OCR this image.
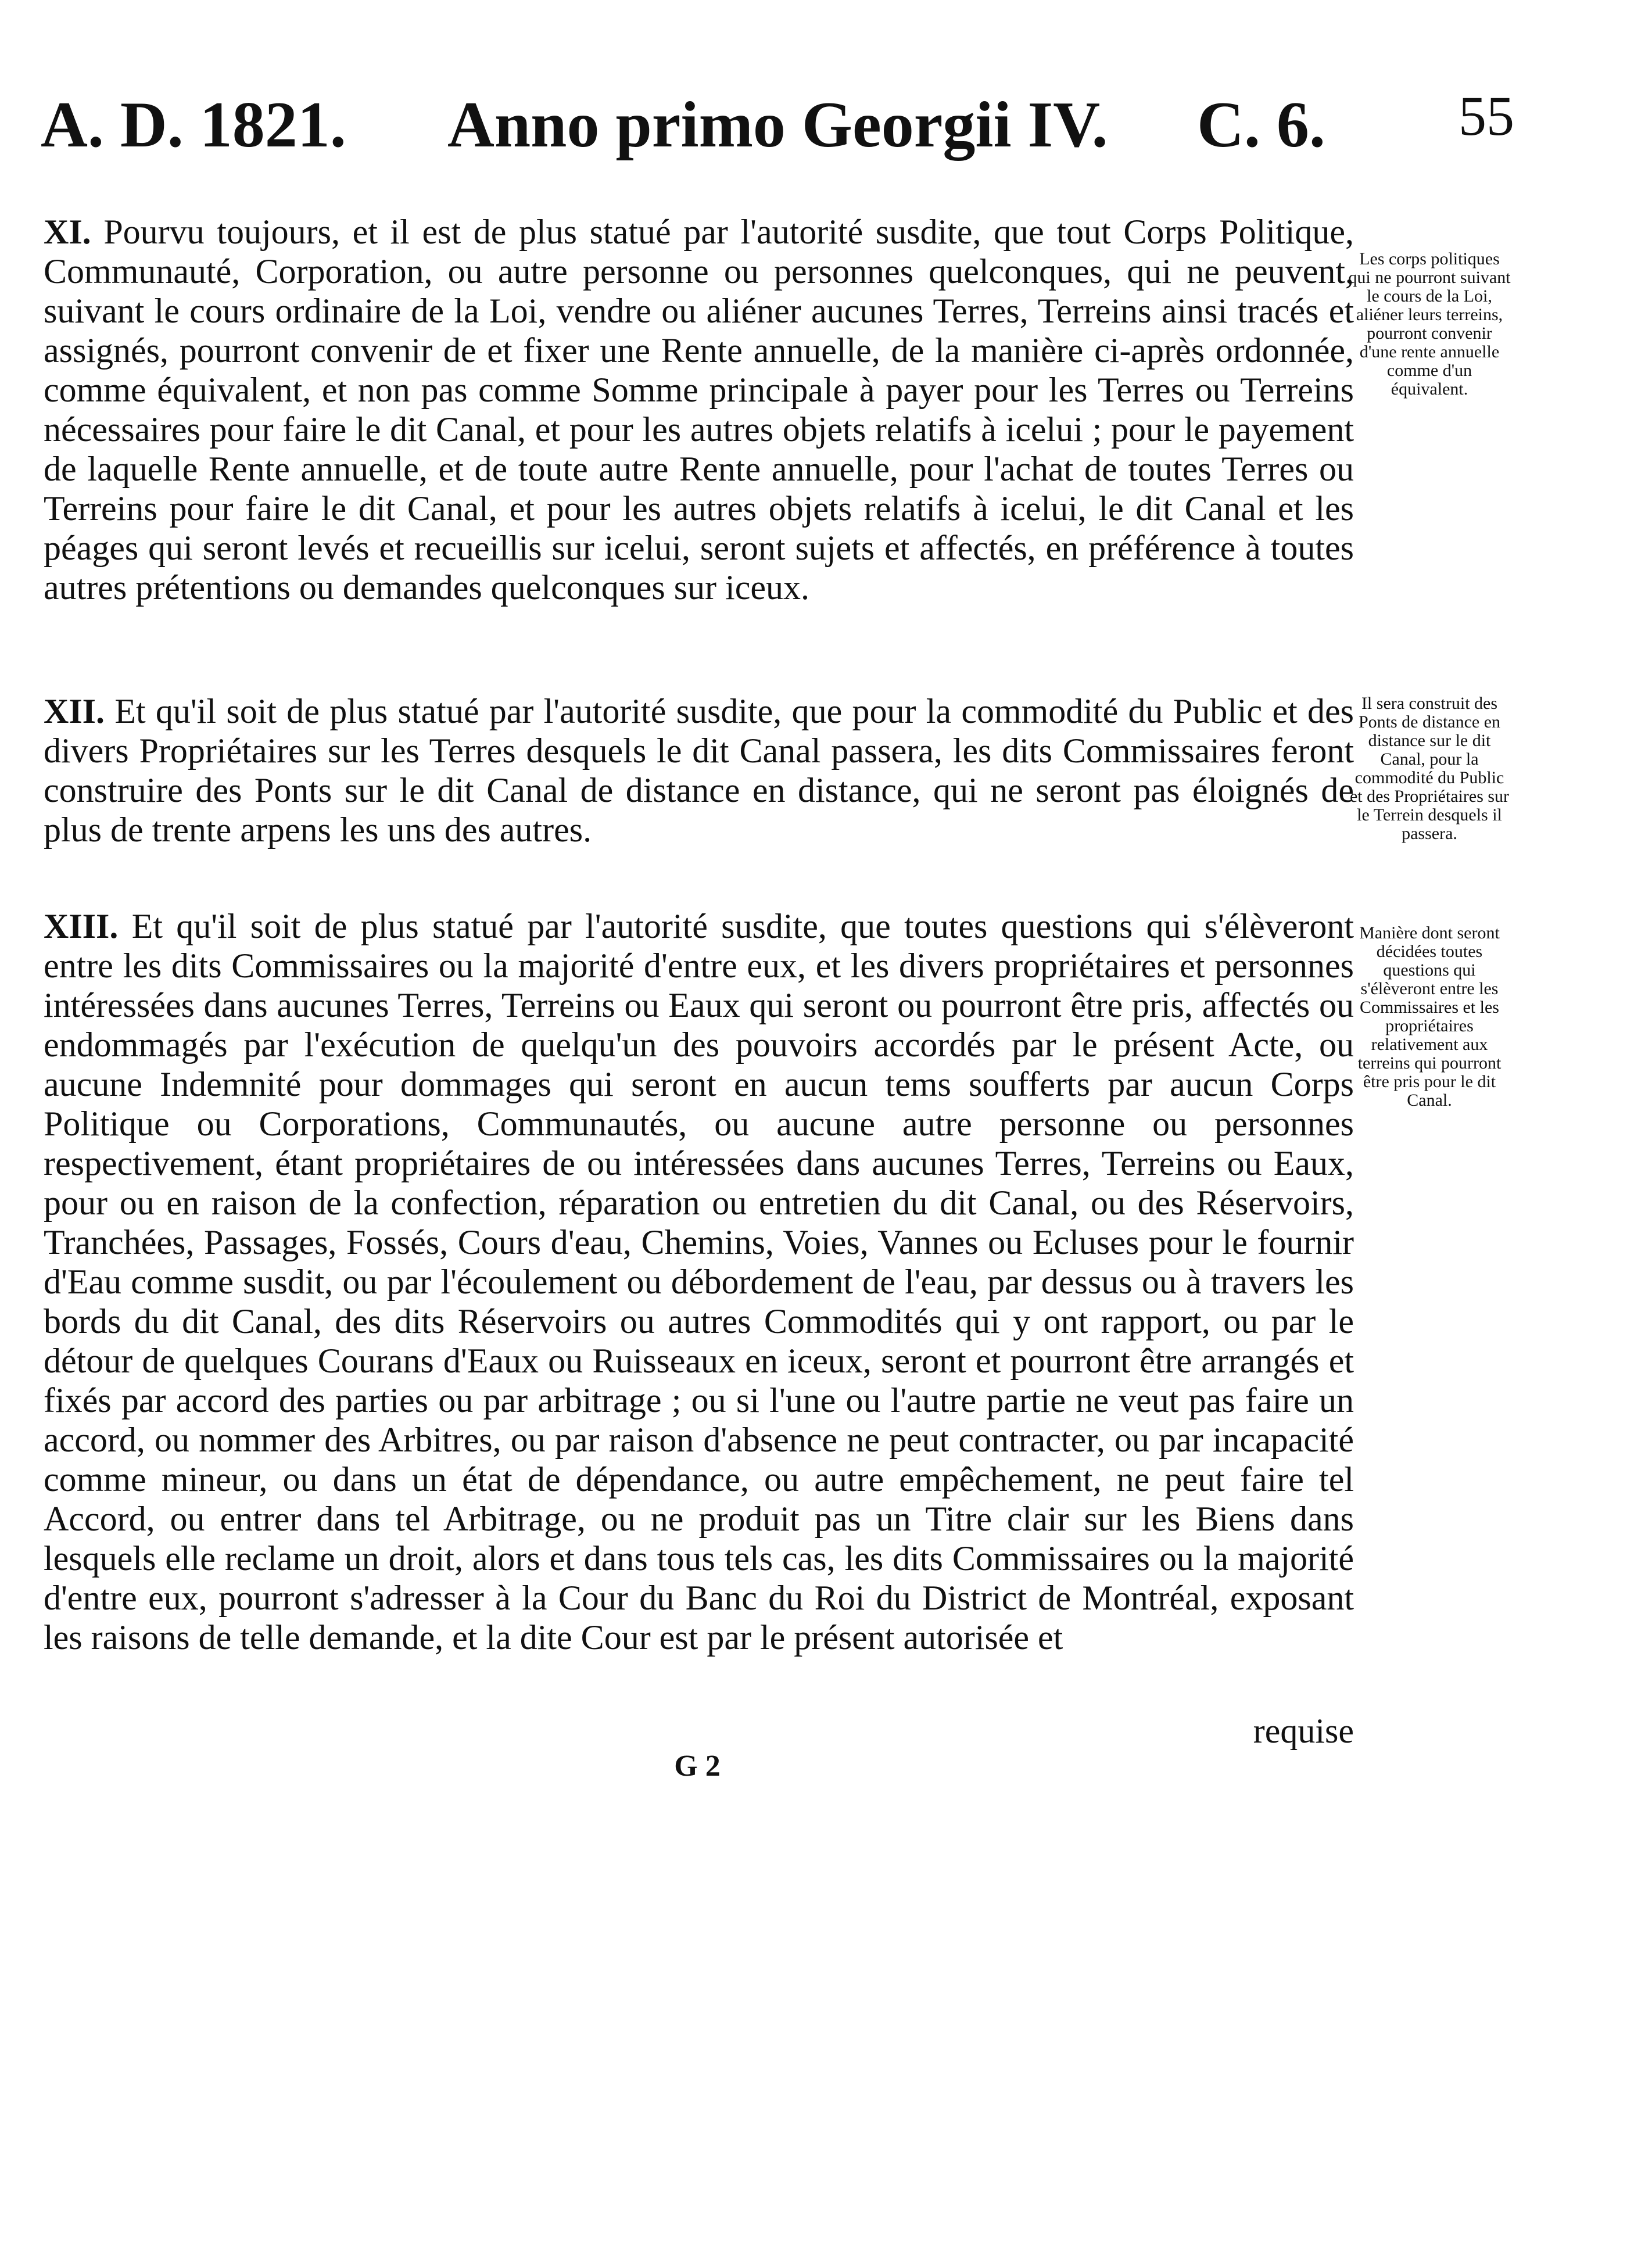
A. D. 1821. Anno primo Georgii IV. C. 6. 55
XI. Pourvu toujours, et il est de plus statué par l'autorité susdite, que tout Corps Politique, Communauté, Corporation, ou autre personne ou personnes quelconques, qui ne peuvent, suivant le cours ordinaire de la Loi, vendre ou aliéner aucunes Terres, Terreins ainsi tracés et assignés, pourront convenir de et fixer une Rente annuelle, de la manière ci-après ordonnée, comme équivalent, et non pas comme Somme principale à payer pour les Terres ou Terreins nécessaires pour faire le dit Canal, et pour les autres objets relatifs à icelui ; pour le payement de laquelle Rente annuelle, et de toute autre Rente annuelle, pour l'achat de toutes Terres ou Terreins pour faire le dit Canal, et pour les autres objets relatifs à icelui, le dit Canal et les péages qui seront levés et recueillis sur icelui, seront sujets et affectés, en préférence à toutes autres prétentions ou demandes quelconques sur iceux.
Les corps politiques qui ne pourront suivant le cours de la Loi, aliéner leurs terreins, pourront convenir d'une rente annuelle comme d'un équivalent.
XII. Et qu'il soit de plus statué par l'autorité susdite, que pour la commodité du Public et des divers Propriétaires sur les Terres desquels le dit Canal passera, les dits Commissaires feront construire des Ponts sur le dit Canal de distance en distance, qui ne seront pas éloignés de plus de trente arpens les uns des autres.
Il sera construit des Ponts de distance en distance sur le dit Canal, pour la commodité du Public et des Propriétaires sur le Terrein desquels il passera.
XIII. Et qu'il soit de plus statué par l'autorité susdite, que toutes questions qui s'élèveront entre les dits Commissaires ou la majorité d'entre eux, et les divers propriétaires et personnes intéressées dans aucunes Terres, Terreins ou Eaux qui seront ou pourront être pris, affectés ou endommagés par l'exécution de quelqu'un des pouvoirs accordés par le présent Acte, ou aucune Indemnité pour dommages qui seront en aucun tems soufferts par aucun Corps Politique ou Corporations, Communautés, ou aucune autre personne ou personnes respectivement, étant propriétaires de ou intéressées dans aucunes Terres, Terreins ou Eaux, pour ou en raison de la confection, réparation ou entretien du dit Canal, ou des Réservoirs, Tranchées, Passages, Fossés, Cours d'eau, Chemins, Voies, Vannes ou Ecluses pour le fournir d'Eau comme susdit, ou par l'écoulement ou débordement de l'eau, par dessus ou à travers les bords du dit Canal, des dits Réservoirs ou autres Commodités qui y ont rapport, ou par le détour de quelques Courans d'Eaux ou Ruisseaux en iceux, seront et pourront être arrangés et fixés par accord des parties ou par arbitrage ; ou si l'une ou l'autre partie ne veut pas faire un accord, ou nommer des Arbitres, ou par raison d'absence ne peut contracter, ou par incapacité comme mineur, ou dans un état de dépendance, ou autre empêchement, ne peut faire tel Accord, ou entrer dans tel Arbitrage, ou ne produit pas un Titre clair sur les Biens dans lesquels elle reclame un droit, alors et dans tous tels cas, les dits Commissaires ou la majorité d'entre eux, pourront s'adresser à la Cour du Banc du Roi du District de Montréal, exposant les raisons de telle demande, et la dite Cour est par le présent autorisée et
Manière dont seront décidées toutes questions qui s'élèveront entre les Commissaires et les propriétaires relativement aux terreins qui pourront être pris pour le dit Canal.
requise
G 2
